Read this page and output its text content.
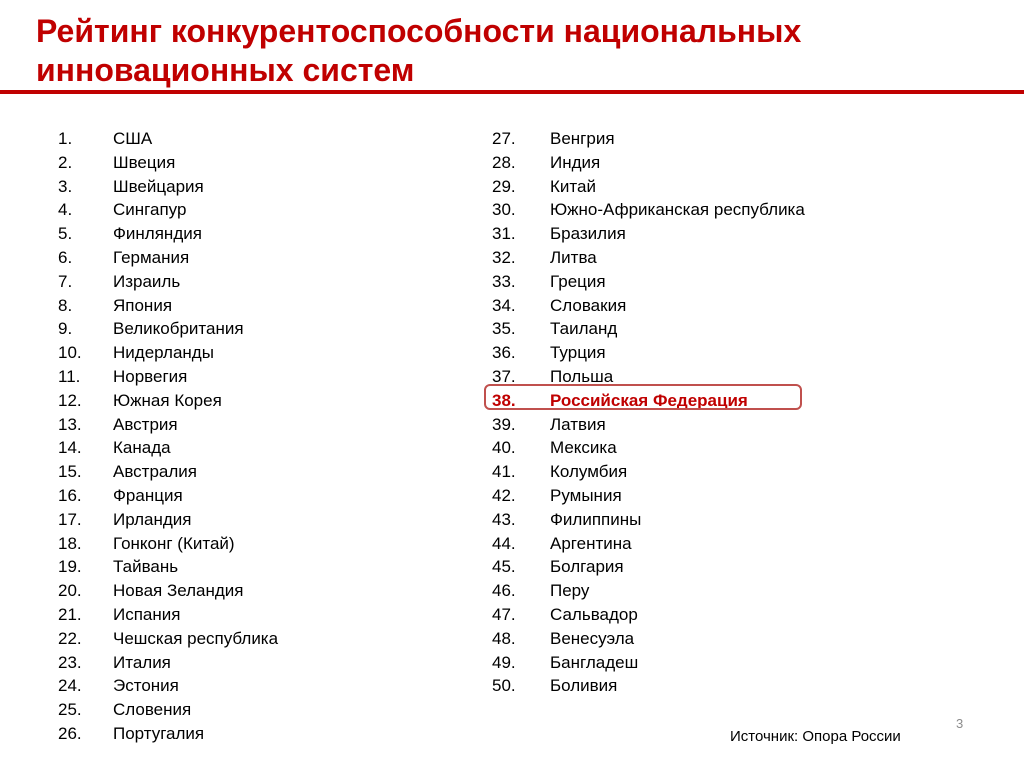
Рейтинг конкурентоспособности национальных
инновационных систем
1. США
2. Швеция
3. Швейцария
4. Сингапур
5. Финляндия
6. Германия
7. Израиль
8. Япония
9. Великобритания
10. Нидерланды
11. Норвегия
12. Южная Корея
13. Австрия
14. Канада
15. Австралия
16. Франция
17. Ирландия
18. Гонконг (Китай)
19. Тайвань
20. Новая Зеландия
21. Испания
22. Чешская республика
23. Италия
24. Эстония
25. Словения
26. Португалия
27. Венгрия
28. Индия
29. Китай
30. Южно-Африканская республика
31. Бразилия
32. Литва
33. Греция
34. Словакия
35. Таиланд
36. Турция
37. Польша
38. Российская Федерация
39. Латвия
40. Мексика
41. Колумбия
42. Румыния
43. Филиппины
44. Аргентина
45. Болгария
46. Перу
47. Сальвадор
48. Венесуэла
49. Бангладеш
50. Боливия
Источник: Опора России
3
